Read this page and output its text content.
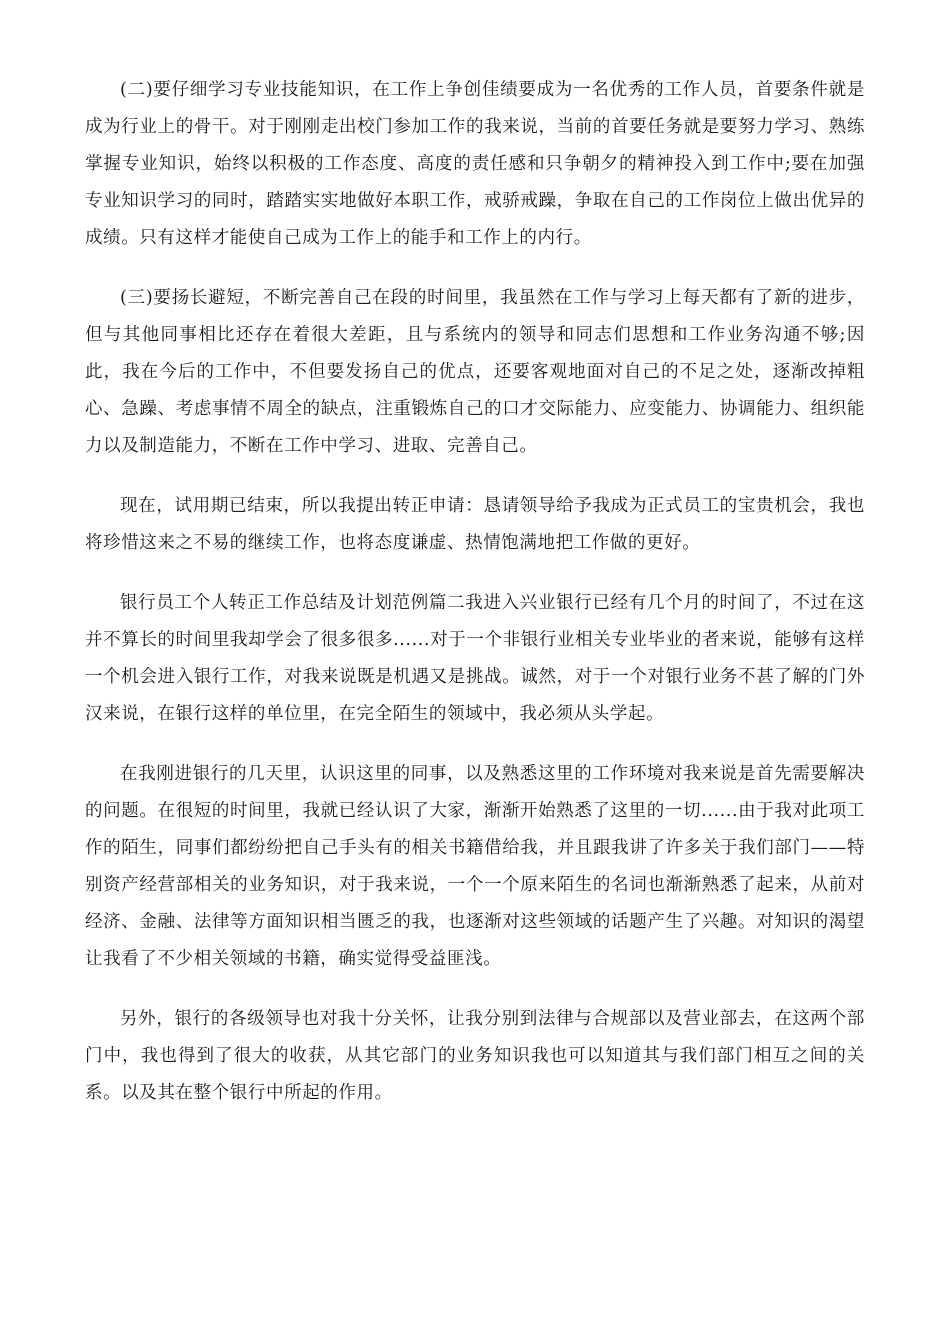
(二)要仔细学习专业技能知识，在工作上争创佳绩要成为一名优秀的工作人员，首要条件就是成为行业上的骨干。对于刚刚走出校门参加工作的我来说，当前的首要任务就是要努力学习、熟练掌握专业知识，始终以积极的工作态度、高度的责任感和只争朝夕的精神投入到工作中;要在加强专业知识学习的同时，踏踏实实地做好本职工作，戒骄戒躁，争取在自己的工作岗位上做出优异的成绩。只有这样才能使自己成为工作上的能手和工作上的内行。

(三)要扬长避短，不断完善自己在段的时间里，我虽然在工作与学习上每天都有了新的进步，但与其他同事相比还存在着很大差距，且与系统内的领导和同志们思想和工作业务沟通不够;因此，我在今后的工作中，不但要发扬自己的优点，还要客观地面对自己的不足之处，逐渐改掉粗心、急躁、考虑事情不周全的缺点，注重锻炼自己的口才交际能力、应变能力、协调能力、组织能力以及制造能力，不断在工作中学习、进取、完善自己。

现在，试用期已结束，所以我提出转正申请：恳请领导给予我成为正式员工的宝贵机会，我也将珍惜这来之不易的继续工作，也将态度谦虚、热情饱满地把工作做的更好。

银行员工个人转正工作总结及计划范例篇二我进入兴业银行已经有几个月的时间了，不过在这并不算长的时间里我却学会了很多很多......对于一个非银行业相关专业毕业的者来说，能够有这样一个机会进入银行工作，对我来说既是机遇又是挑战。诚然，对于一个对银行业务不甚了解的门外汉来说，在银行这样的单位里，在完全陌生的领域中，我必须从头学起。

在我刚进银行的几天里，认识这里的同事，以及熟悉这里的工作环境对我来说是首先需要解决的问题。在很短的时间里，我就已经认识了大家，渐渐开始熟悉了这里的一切......由于我对此项工作的陌生，同事们都纷纷把自己手头有的相关书籍借给我，并且跟我讲了许多关于我们部门——特别资产经营部相关的业务知识，对于我来说，一个一个原来陌生的名词也渐渐熟悉了起来，从前对经济、金融、法律等方面知识相当匮乏的我，也逐渐对这些领域的话题产生了兴趣。对知识的渴望让我看了不少相关领域的书籍，确实觉得受益匪浅。

另外，银行的各级领导也对我十分关怀，让我分别到法律与合规部以及营业部去，在这两个部门中，我也得到了很大的收获，从其它部门的业务知识我也可以知道其与我们部门相互之间的关系。以及其在整个银行中所起的作用。
